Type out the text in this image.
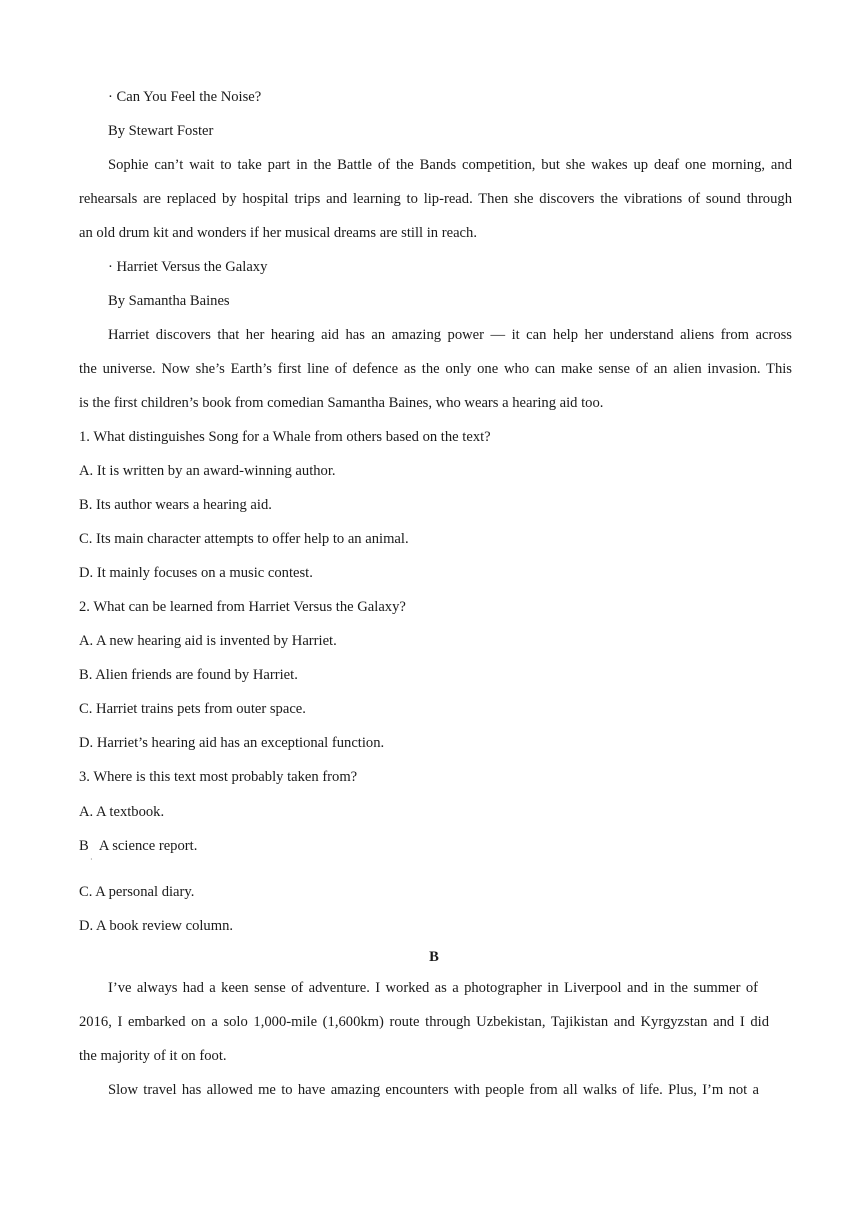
· Can You Feel the Noise?
By Stewart Foster
Sophie can’t wait to take part in the Battle of the Bands competition, but she wakes up deaf one morning, and
rehearsals are replaced by hospital trips and learning to lip-read. Then she discovers the vibrations of sound through
an old drum kit and wonders if her musical dreams are still in reach.
· Harriet Versus the Galaxy
By Samantha Baines
Harriet discovers that her hearing aid has an amazing power — it can help her understand aliens from across
the universe. Now she’s Earth’s first line of defence as the only one who can make sense of an alien invasion. This
is the first children’s book from comedian Samantha Baines, who wears a hearing aid too.
1. What distinguishes Song for a Whale from others based on the text?
A. It is written by an award-winning author.
B. Its author wears a hearing aid.
C. Its main character attempts to offer help to an animal.
D. It mainly focuses on a music contest.
2. What can be learned from Harriet Versus the Galaxy?
A. A new hearing aid is invented by Harriet.
B. Alien friends are found by Harriet.
C. Harriet trains pets from outer space.
D. Harriet’s hearing aid has an exceptional function.
3. Where is this text most probably taken from?
A. A textbook.
B   A science report.
·
C. A personal diary.
D. A book review column.
B
I’ve always had a keen sense of adventure. I worked as a photographer in Liverpool and in the summer of
2016, I embarked on a solo 1,000-mile (1,600km) route through Uzbekistan, Tajikistan and Kyrgyzstan and I did
the majority of it on foot.
Slow travel has allowed me to have amazing encounters with people from all walks of life. Plus, I’m not a
